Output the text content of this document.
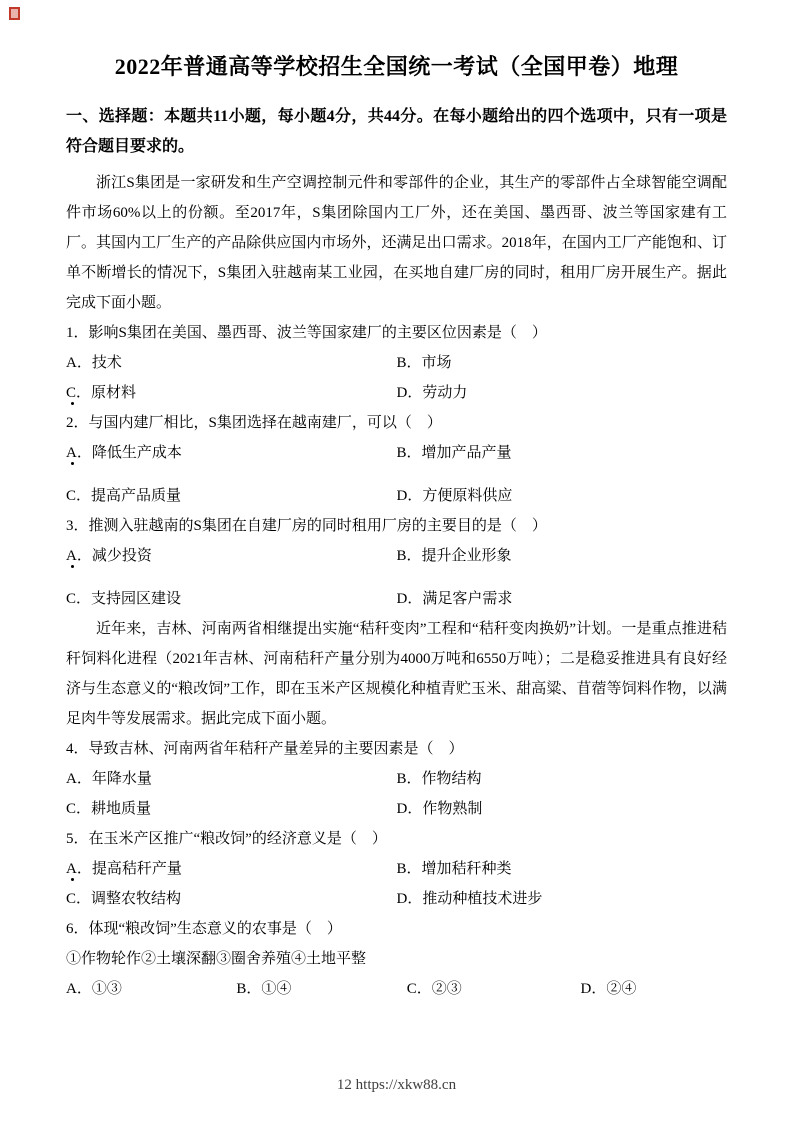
2022年普通高等学校招生全国统一考试（全国甲卷）地理
一、选择题：本题共11小题，每小题4分，共44分。在每小题给出的四个选项中，只有一项是符合题目要求的。
浙江S集团是一家研发和生产空调控制元件和零部件的企业，其生产的零部件占全球智能空调配件市场60%以上的份额。至2017年，S集团除国内工厂外，还在美国、墨西哥、波兰等国家建有工厂。其国内工厂生产的产品除供应国内市场外，还满足出口需求。2018年，在国内工厂产能饱和、订单不断增长的情况下，S集团入驻越南某工业园，在买地自建厂房的同时，租用厂房开展生产。据此完成下面小题。
1．影响S集团在美国、墨西哥、波兰等国家建厂的主要区位因素是（　）
A．技术	B．市场
C．原材料	D．劳动力
2．与国内建厂相比，S集团选择在越南建厂，可以（　）
A．降低生产成本	B．增加产品产量
C．提高产品质量	D．方便原料供应
3．推测入驻越南的S集团在自建厂房的同时租用厂房的主要目的是（　）
A．减少投资	B．提升企业形象
C．支持园区建设	D．满足客户需求
近年来，吉林、河南两省相继提出实施“秸秆变肉”工程和“秸秆变肉换奶”计划。一是重点推进秸秆饲料化进程（2021年吉林、河南秸秆产量分别为4000万吨和6550万吨）；二是稳妥推进具有良好经济与生态意义的“粮改饲”工作，即在玉米产区规模化种植青贮玉米、甜高粱、苜蓿等饲料作物，以满足肉牛等发展需求。据此完成下面小题。
4．导致吉林、河南两省年秸秆产量差异的主要因素是（　）
A．年降水量	B．作物结构
C．耕地质量	D．作物熟制
5．在玉米产区推广“粮改饲”的经济意义是（　）
A．提高秸秆产量	B．增加秸秆种类
C．调整农牧结构	D．推动种植技术进步
6．体现“粮改饲”生态意义的农事是（　）
①作物轮作②土壤深翻③圈舍养殖④土地平整
A．①③	B．①④	C．②③	D．②④
12 https://xkw88.cn
